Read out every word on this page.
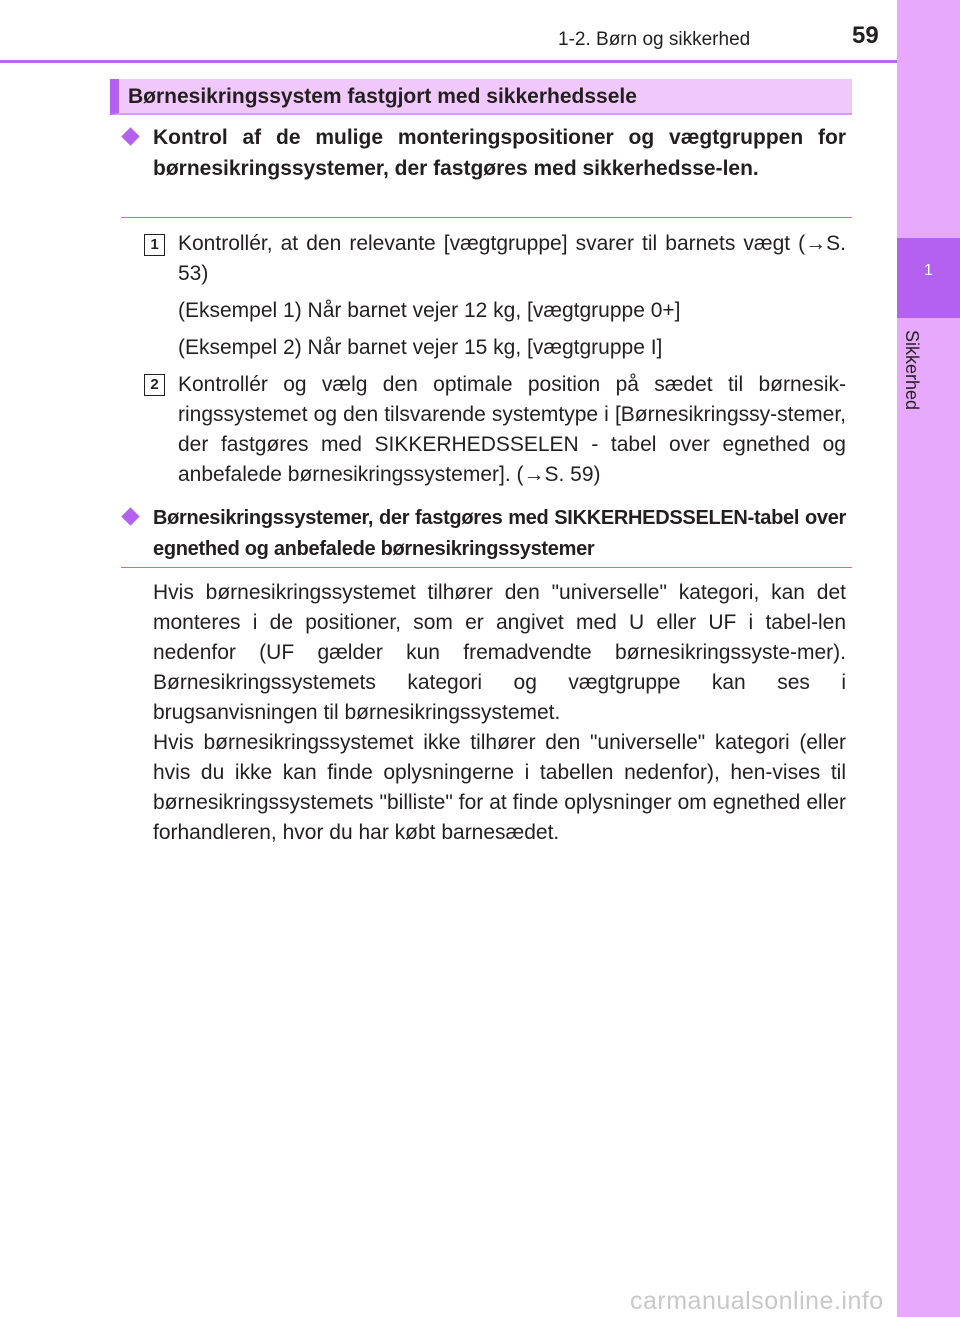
1-2. Børn og sikkerhed	59
1
Sikkerhed
Børnesikringssystem fastgjort med sikkerhedssele
Kontrol af de mulige monteringspositioner og vægtgruppen for børnesikringssystemer, der fastgøres med sikkerhedsse-len.
1 Kontrollér, at den relevante [vægtgruppe] svarer til barnets vægt (→S. 53)
(Eksempel 1) Når barnet vejer 12 kg, [vægtgruppe 0+]
(Eksempel 2) Når barnet vejer 15 kg, [vægtgruppe I]
2 Kontrollér og vælg den optimale position på sædet til børnesik-ringssystemet og den tilsvarende systemtype i [Børnesikringssy-stemer, der fastgøres med SIKKERHEDSSELEN - tabel over egnethed og anbefalede børnesikringssystemer]. (→S. 59)
Børnesikringssystemer, der fastgøres med SIKKERHEDSSELEN-tabel over egnethed og anbefalede børnesikringssystemer
Hvis børnesikringssystemet tilhører den "universelle" kategori, kan det monteres i de positioner, som er angivet med U eller UF i tabel-len nedenfor (UF gælder kun fremadvendte børnesikringssyste-mer). Børnesikringssystemets kategori og vægtgruppe kan ses i brugsanvisningen til børnesikringssystemet.
Hvis børnesikringssystemet ikke tilhører den "universelle" kategori (eller hvis du ikke kan finde oplysningerne i tabellen nedenfor), hen-vises til børnesikringssystemets "billiste" for at finde oplysninger om egnethed eller forhandleren, hvor du har købt barnesædet.
carmanualsonline.info
